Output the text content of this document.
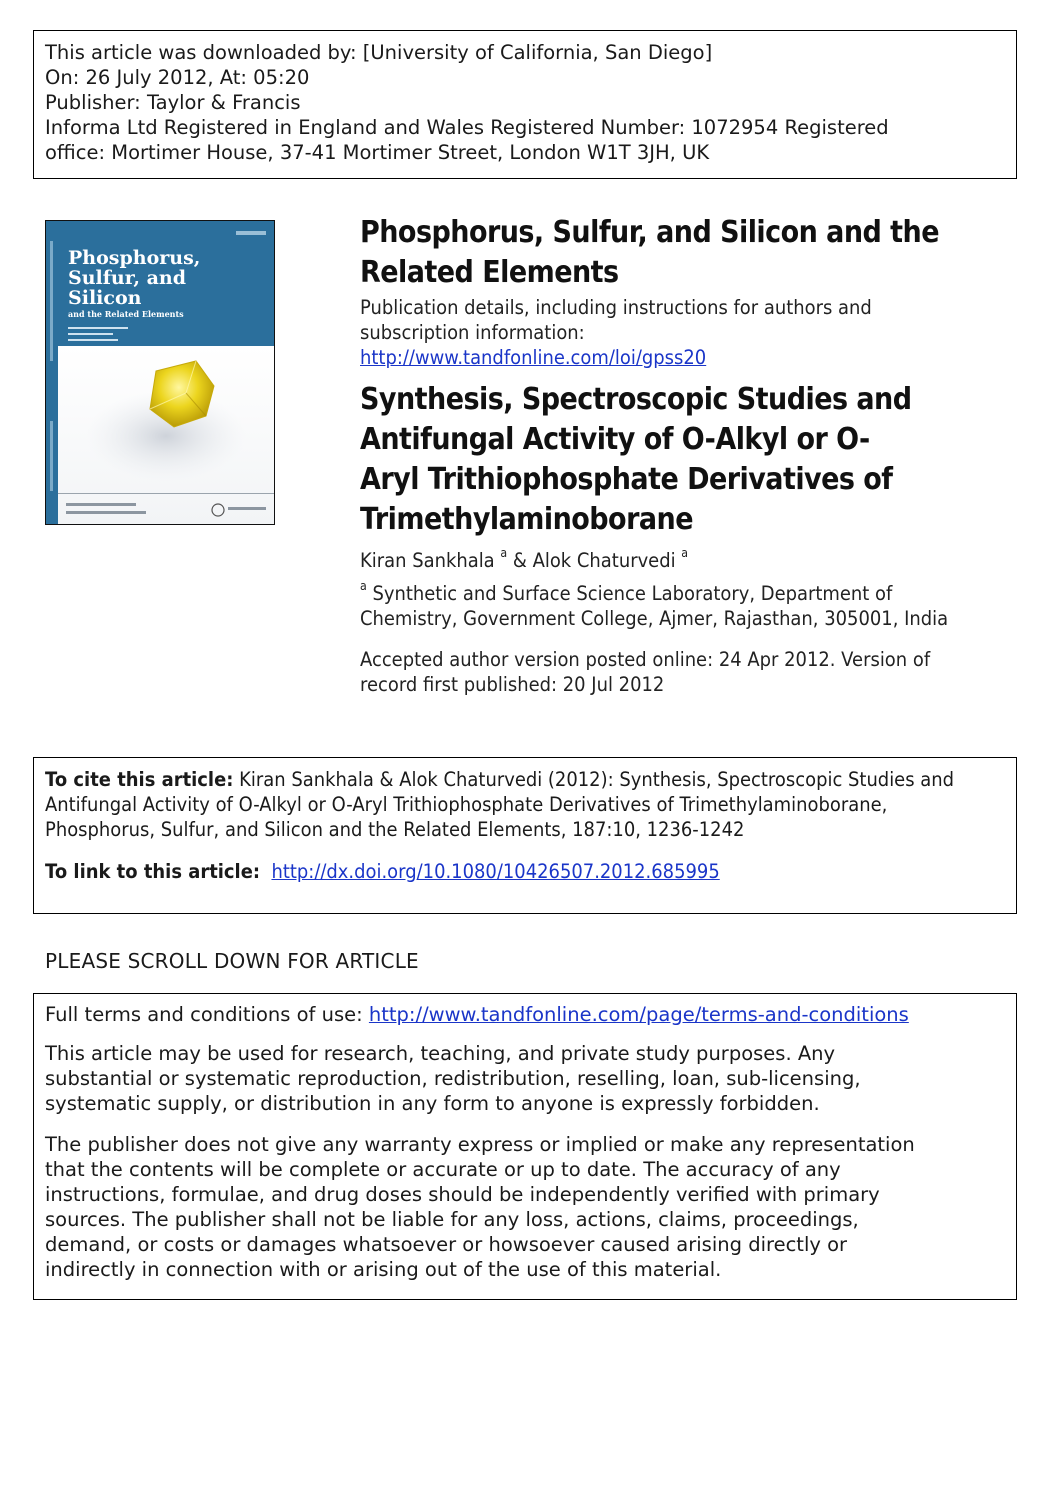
This article was downloaded by: [University of California, San Diego]
On: 26 July 2012, At: 05:20
Publisher: Taylor & Francis
Informa Ltd Registered in England and Wales Registered Number: 1072954 Registered
office: Mortimer House, 37-41 Mortimer Street, London W1T 3JH, UK
Phosphorus,
Sulfur, and
Silicon
and the Related Elements
Phosphorus, Sulfur, and Silicon and the
Related Elements
Publication details, including instructions for authors and
subscription information:
http://www.tandfonline.com/loi/gpss20
Synthesis, Spectroscopic Studies and
Antifungal Activity of O-Alkyl or O-
Aryl Trithiophosphate Derivatives of
Trimethylaminoborane
Kiran Sankhala $^a$ & Alok Chaturvedi $^a$
$^a$ Synthetic and Surface Science Laboratory, Department of
Chemistry, Government College, Ajmer, Rajasthan, 305001, India
Accepted author version posted online: 24 Apr 2012. Version of
record first published: 20 Jul 2012
To cite this article: Kiran Sankhala & Alok Chaturvedi (2012): Synthesis, Spectroscopic Studies and
Antifungal Activity of O-Alkyl or O-Aryl Trithiophosphate Derivatives of Trimethylaminoborane,
Phosphorus, Sulfur, and Silicon and the Related Elements, 187:10, 1236-1242
To link to this article: http://dx.doi.org/10.1080/10426507.2012.685995
PLEASE SCROLL DOWN FOR ARTICLE
Full terms and conditions of use: http://www.tandfonline.com/page/terms-and-conditions
This article may be used for research, teaching, and private study purposes. Any
substantial or systematic reproduction, redistribution, reselling, loan, sub-licensing,
systematic supply, or distribution in any form to anyone is expressly forbidden.
The publisher does not give any warranty express or implied or make any representation
that the contents will be complete or accurate or up to date. The accuracy of any
instructions, formulae, and drug doses should be independently verified with primary
sources. The publisher shall not be liable for any loss, actions, claims, proceedings,
demand, or costs or damages whatsoever or howsoever caused arising directly or
indirectly in connection with or arising out of the use of this material.
